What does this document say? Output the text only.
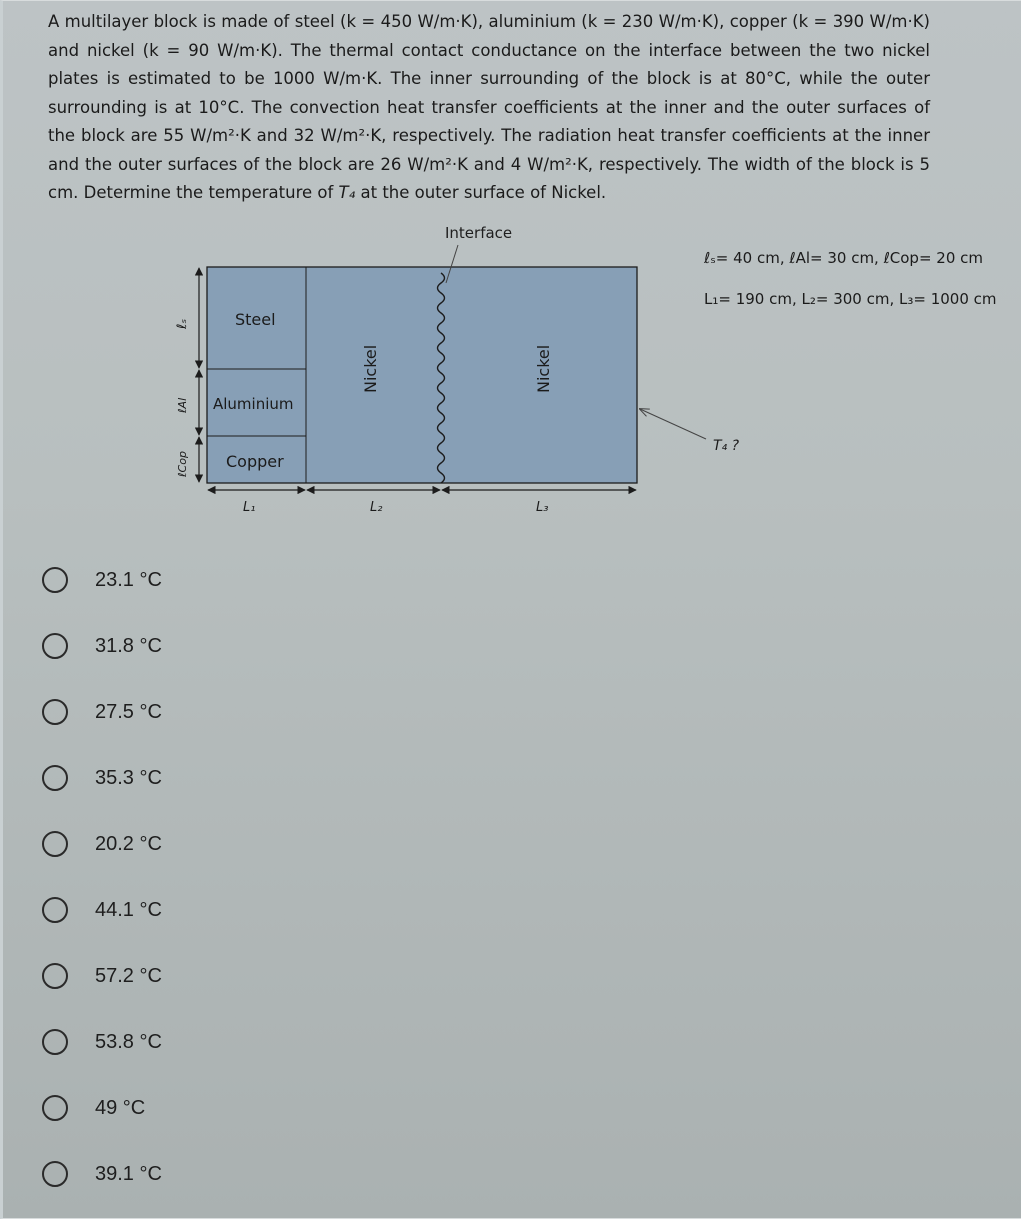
A multilayer block is made of steel (k = 450 W/m·K), aluminium (k = 230 W/m·K), copper (k = 390 W/m·K) and nickel (k = 90 W/m·K). The thermal contact conductance on the interface between the two nickel plates is estimated to be 1000 W/m·K. The inner surrounding of the block is at 80°C, while the outer surrounding is at 10°C. The convection heat transfer coefficients at the inner and the outer surfaces of the block are 55 W/m²·K and 32 W/m²·K, respectively. The radiation heat transfer coefficients at the inner and the outer surfaces of the block are 26 W/m²·K and 4 W/m²·K, respectively. The width of the block is 5 cm. Determine the temperature of T₄ at the outer surface of Nickel.
Interface
Steel
Aluminium
Copper
Nickel	Nickel
ℓₛ
ℓAl
ℓCop
L₁	L₂	L₃
T₄ ?
ℓₛ= 40 cm, ℓAl= 30 cm, ℓCop= 20 cm
L₁= 190 cm, L₂= 300 cm, L₃= 1000 cm
23.1 °C
31.8 °C
27.5 °C
35.3 °C
20.2 °C
44.1 °C
57.2 °C
53.8 °C
49 °C
39.1 °C
